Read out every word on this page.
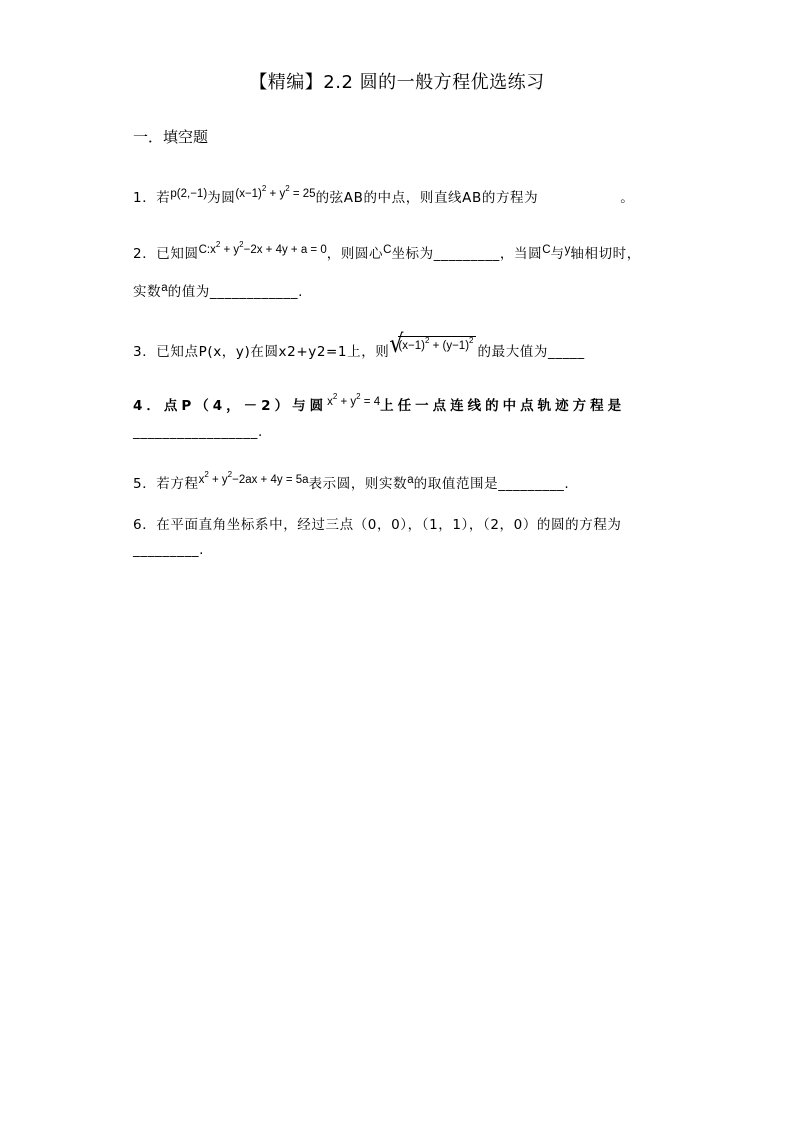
【精编】2.2 圆的一般方程优选练习
一．填空题
1．若p(2,−1)为圆$(x-1)^2 + y^2 = 25$的弦AB的中点，则直线AB的方程为	。
2．已知圆$C:x^2 + y^2-2x + 4y + a = 0$，则圆心C坐标为_________，当圆C与y轴相切时，
实数a的值为____________.
3．已知点P(x，y)在圆x2+y2=1上，则 √
$(x-1)^2 + (y-1)^2$的最大值为_____
4．点P（4，－2）与圆$x^2 + y^2 = 4$上任一点连线的中点轨迹方程是
_________________.
5．若方程$x^2 + y^2-2ax + 4y = 5a$表示圆，则实数a的取值范围是_________.
6．在平面直角坐标系中，经过三点（0，0），（1，1），（2，0）的圆的方程为
_________.
